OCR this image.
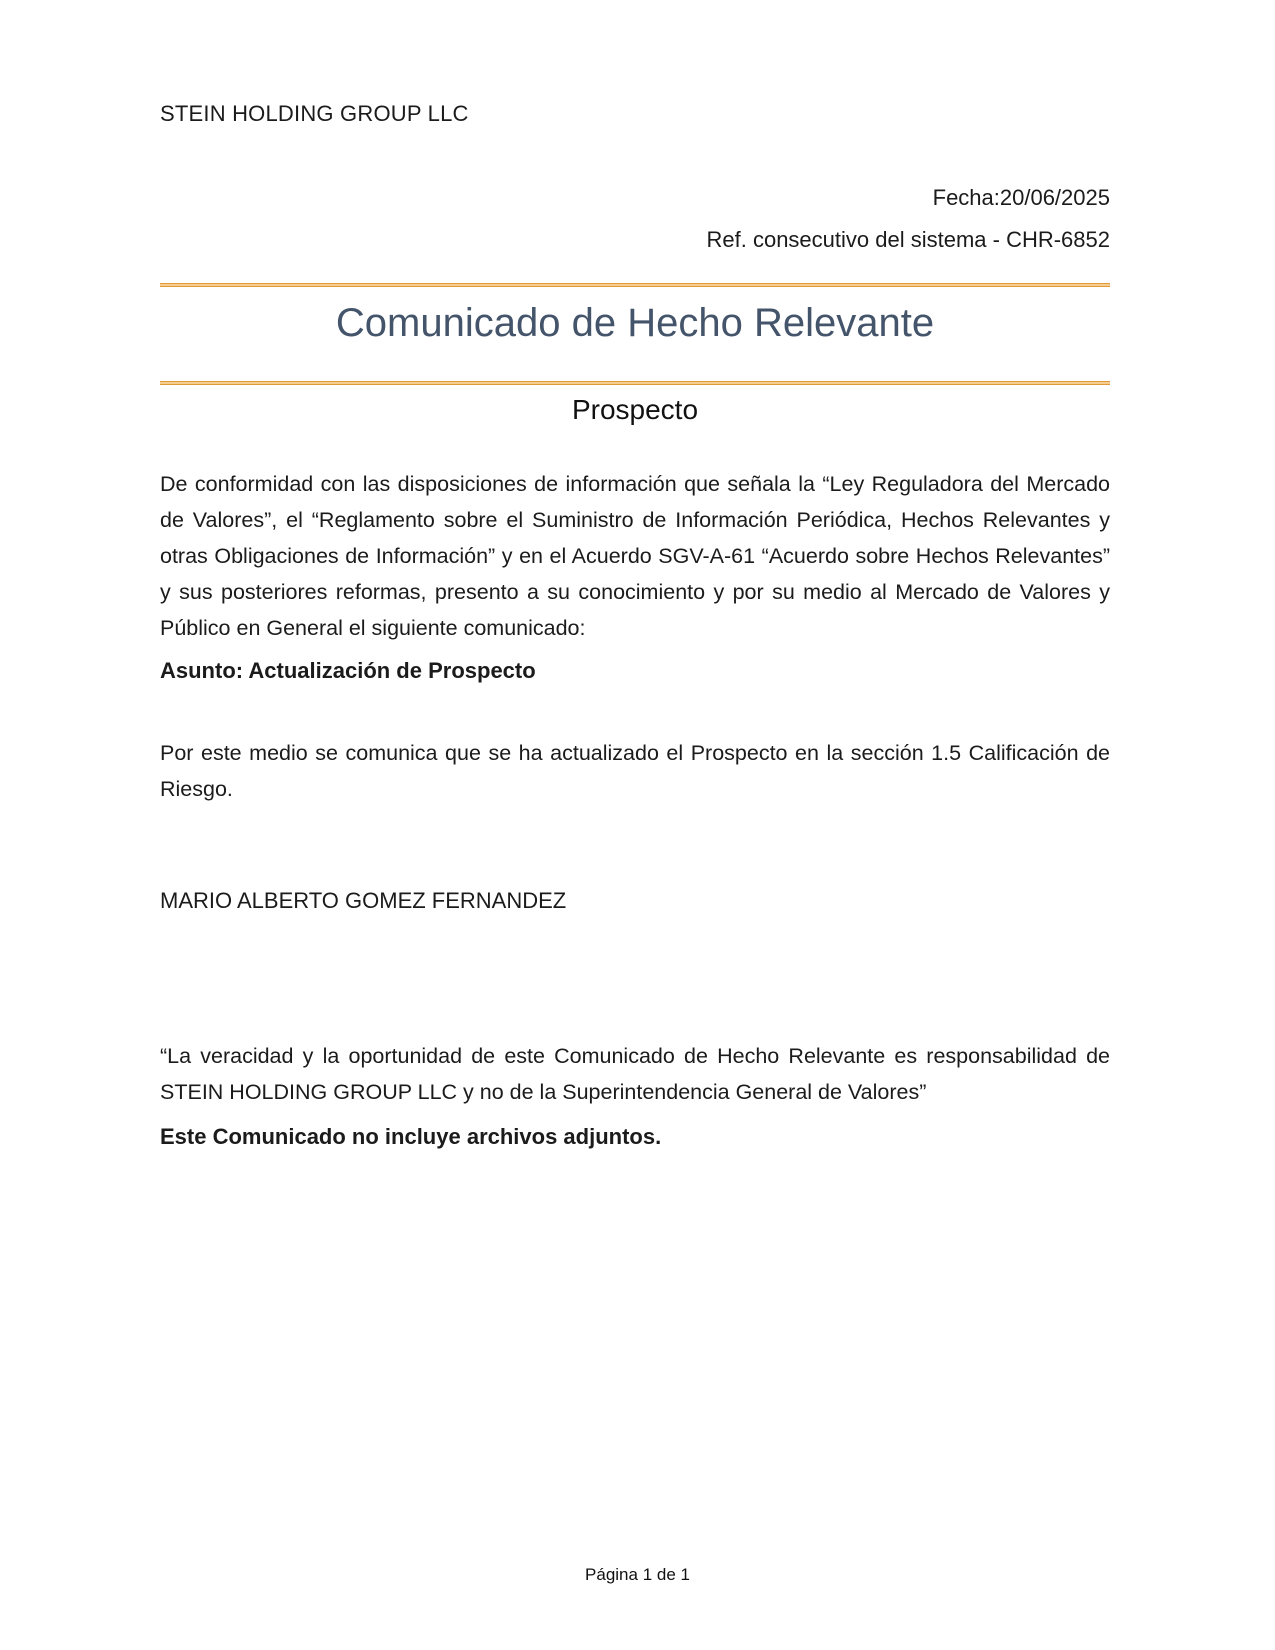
STEIN HOLDING GROUP LLC
Fecha:20/06/2025
Ref. consecutivo del sistema - CHR-6852
Comunicado de Hecho Relevante
Prospecto
De conformidad con las disposiciones de información que señala la “Ley Reguladora del Mercado de Valores”, el “Reglamento sobre el Suministro de Información Periódica, Hechos Relevantes y otras Obligaciones de Información” y en el Acuerdo SGV-A-61 “Acuerdo sobre Hechos Relevantes” y sus posteriores reformas, presento a su conocimiento y por su medio al Mercado de Valores y Público en General el siguiente comunicado:
Asunto: Actualización de Prospecto
Por este medio se comunica que se ha actualizado el Prospecto en la sección 1.5 Calificación de Riesgo.
MARIO ALBERTO GOMEZ FERNANDEZ
“La veracidad y la oportunidad de este Comunicado de Hecho Relevante es responsabilidad de STEIN HOLDING GROUP LLC y no de la Superintendencia General de Valores”
Este Comunicado no incluye archivos adjuntos.
Página 1 de 1
